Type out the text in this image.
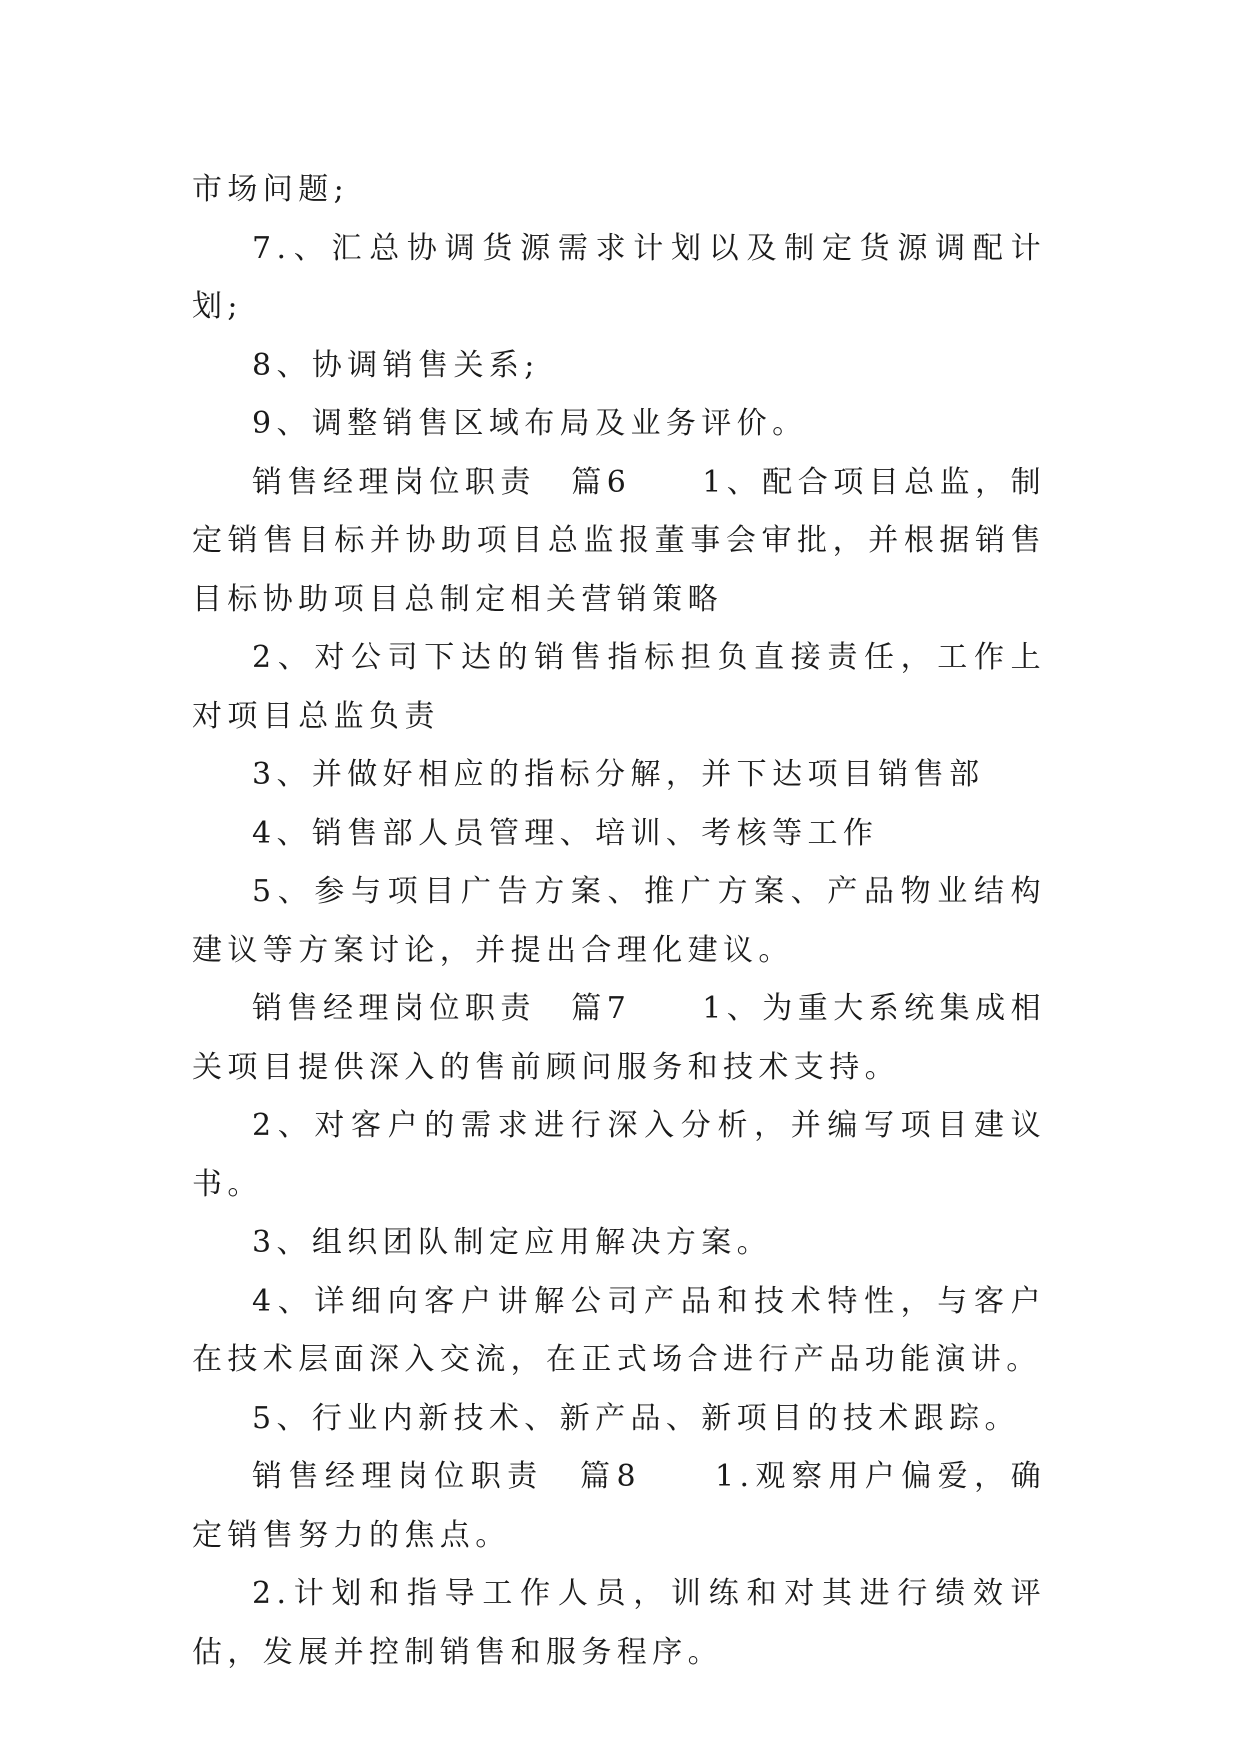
市场问题;

7.、汇总协调货源需求计划以及制定货源调配计划;

8、协调销售关系;

9、调整销售区域布局及业务评价。

销售经理岗位职责　篇6　　1、配合项目总监，制定销售目标并协助项目总监报董事会审批，并根据销售目标协助项目总制定相关营销策略

2、对公司下达的销售指标担负直接责任，工作上对项目总监负责

3、并做好相应的指标分解，并下达项目销售部

4、销售部人员管理、培训、考核等工作

5、参与项目广告方案、推广方案、产品物业结构建议等方案讨论，并提出合理化建议。

销售经理岗位职责　篇7　　1、为重大系统集成相关项目提供深入的售前顾问服务和技术支持。

2、对客户的需求进行深入分析，并编写项目建议书。

3、组织团队制定应用解决方案。

4、详细向客户讲解公司产品和技术特性，与客户在技术层面深入交流，在正式场合进行产品功能演讲。

5、行业内新技术、新产品、新项目的技术跟踪。

销售经理岗位职责　篇8　　1.观察用户偏爱，确定销售努力的焦点。

2.计划和指导工作人员，训练和对其进行绩效评估，发展并控制销售和服务程序。
